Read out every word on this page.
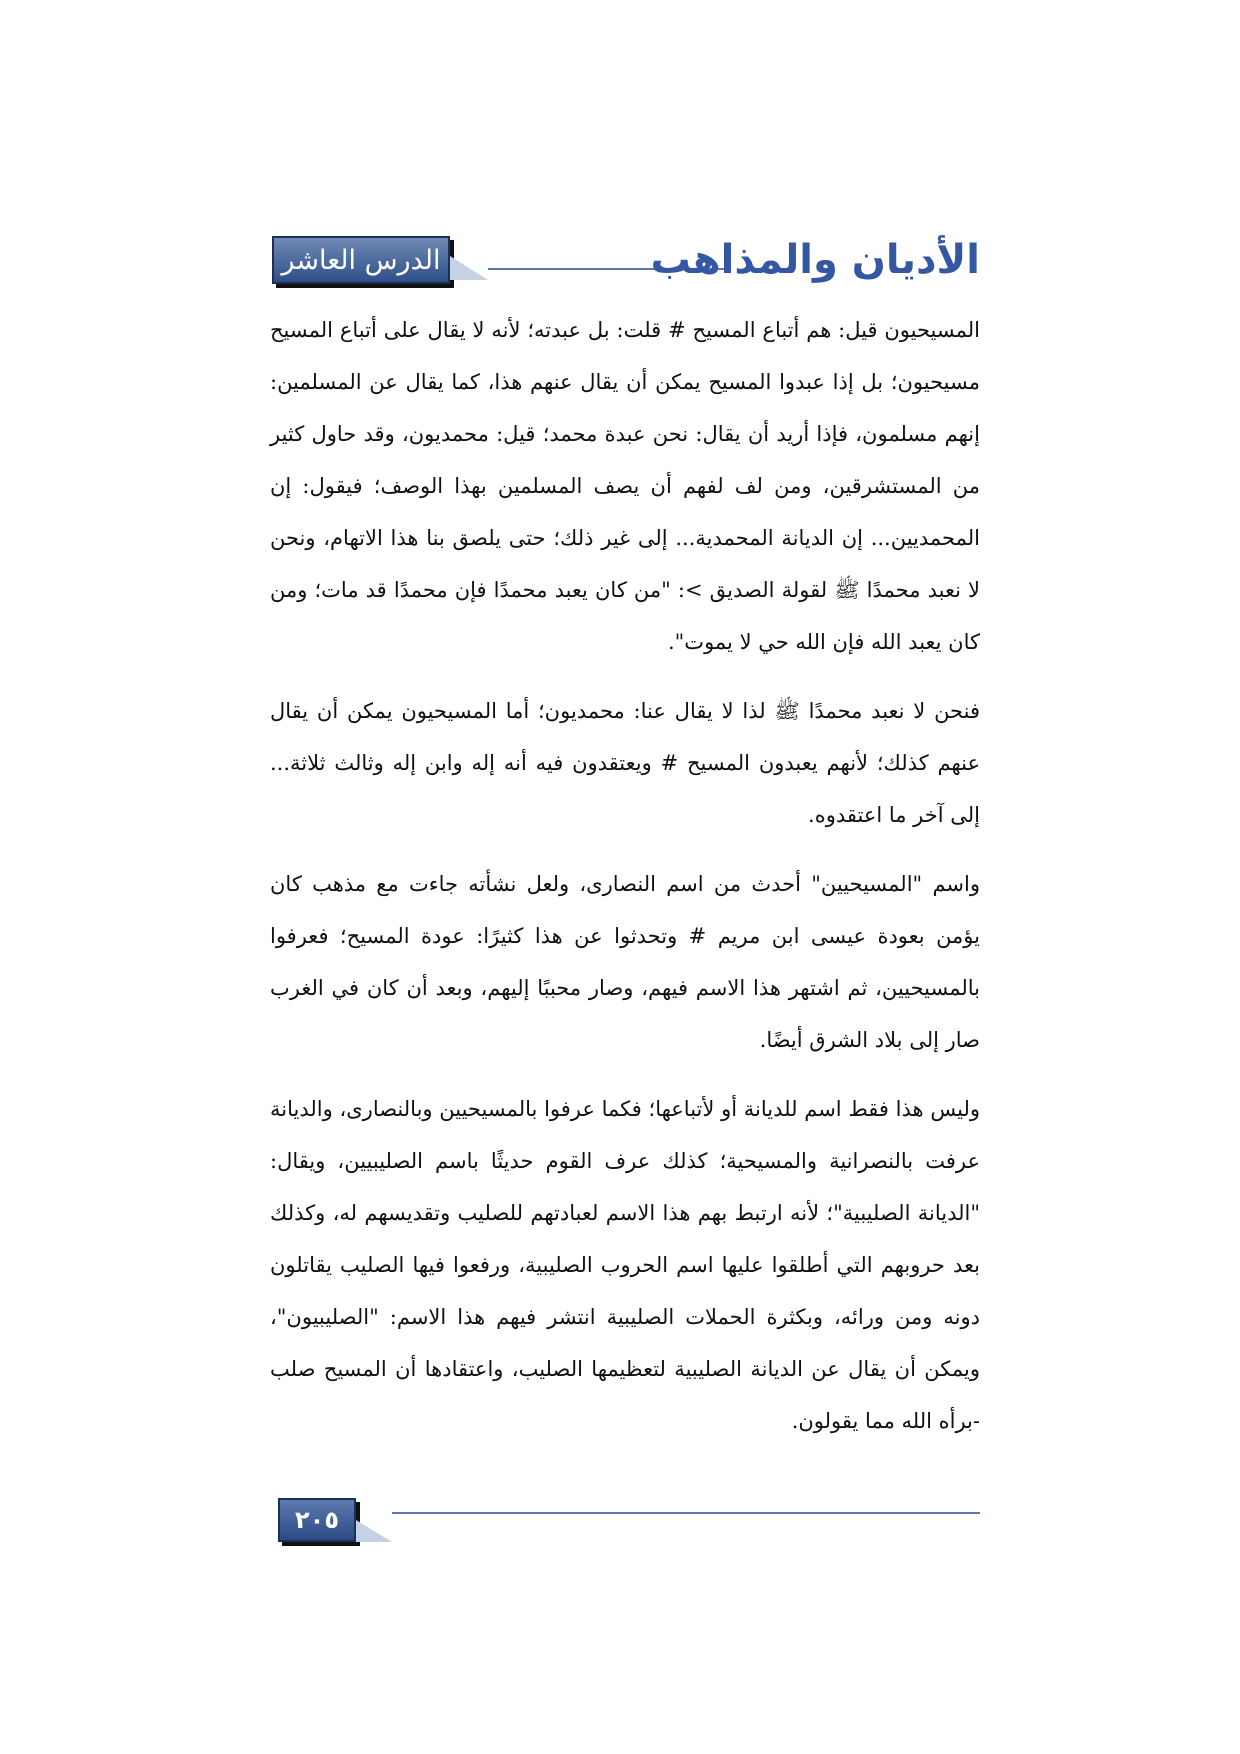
الدرس العاشر	الأديان والمذاهب

المسيحيون قيل: هم أتباع المسيح # قلت: بل عبدته؛ لأنه لا يقال على أتباع المسيح مسيحيون؛ بل إذا عبدوا المسيح يمكن أن يقال عنهم هذا، كما يقال عن المسلمين: إنهم مسلمون، فإذا أريد أن يقال: نحن عبدة محمد؛ قيل: محمديون، وقد حاول كثير من المستشرقين، ومن لف لفهم أن يصف المسلمين بهذا الوصف؛ فيقول: إن المحمديين... إن الديانة المحمدية... إلى غير ذلك؛ حتى يلصق بنا هذا الاتهام، ونحن لا نعبد محمدًا ﷺ لقولة الصديق >: "من كان يعبد محمدًا فإن محمدًا قد مات؛ ومن كان يعبد الله فإن الله حي لا يموت".

فنحن لا نعبد محمدًا ﷺ لذا لا يقال عنا: محمديون؛ أما المسيحيون يمكن أن يقال عنهم كذلك؛ لأنهم يعبدون المسيح # ويعتقدون فيه أنه إله وابن إله وثالث ثلاثة... إلى آخر ما اعتقدوه.

واسم "المسيحيين" أحدث من اسم النصارى، ولعل نشأته جاءت مع مذهب كان يؤمن بعودة عيسى ابن مريم # وتحدثوا عن هذا كثيرًا: عودة المسيح؛ فعرفوا بالمسيحيين، ثم اشتهر هذا الاسم فيهم، وصار محببًا إليهم، وبعد أن كان في الغرب صار إلى بلاد الشرق أيضًا.

وليس هذا فقط اسم للديانة أو لأتباعها؛ فكما عرفوا بالمسيحيين وبالنصارى، والديانة عرفت بالنصرانية والمسيحية؛ كذلك عرف القوم حديثًا باسم الصليبيين، ويقال: "الديانة الصليبية"؛ لأنه ارتبط بهم هذا الاسم لعبادتهم للصليب وتقديسهم له، وكذلك بعد حروبهم التي أطلقوا عليها اسم الحروب الصليبية، ورفعوا فيها الصليب يقاتلون دونه ومن ورائه، وبكثرة الحملات الصليبية انتشر فيهم هذا الاسم: "الصليبيون"، ويمكن أن يقال عن الديانة الصليبية لتعظيمها الصليب، واعتقادها أن المسيح صلب -برأه الله مما يقولون.

٢٠٥
